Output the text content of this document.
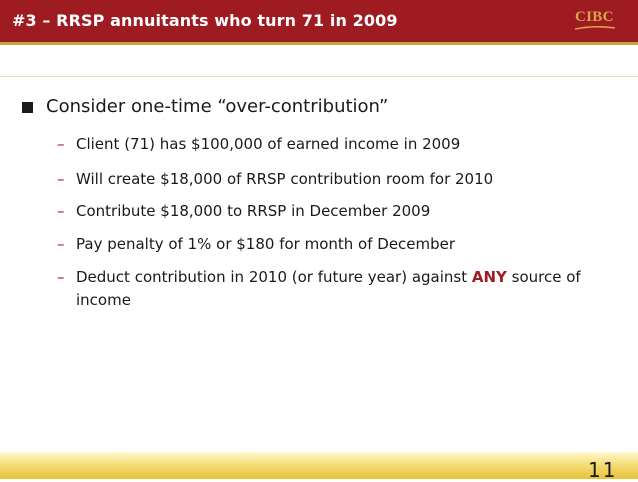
#3 – RRSP annuitants who turn 71 in 2009	CIBC
Consider one-time “over-contribution”
– Client (71) has $100,000 of earned income in 2009
– Will create $18,000 of RRSP contribution room for 2010
– Contribute $18,000 to RRSP in December 2009
– Pay penalty of 1% or $180 for month of December
– Deduct contribution in 2010 (or future year) against ANY source of income
11
